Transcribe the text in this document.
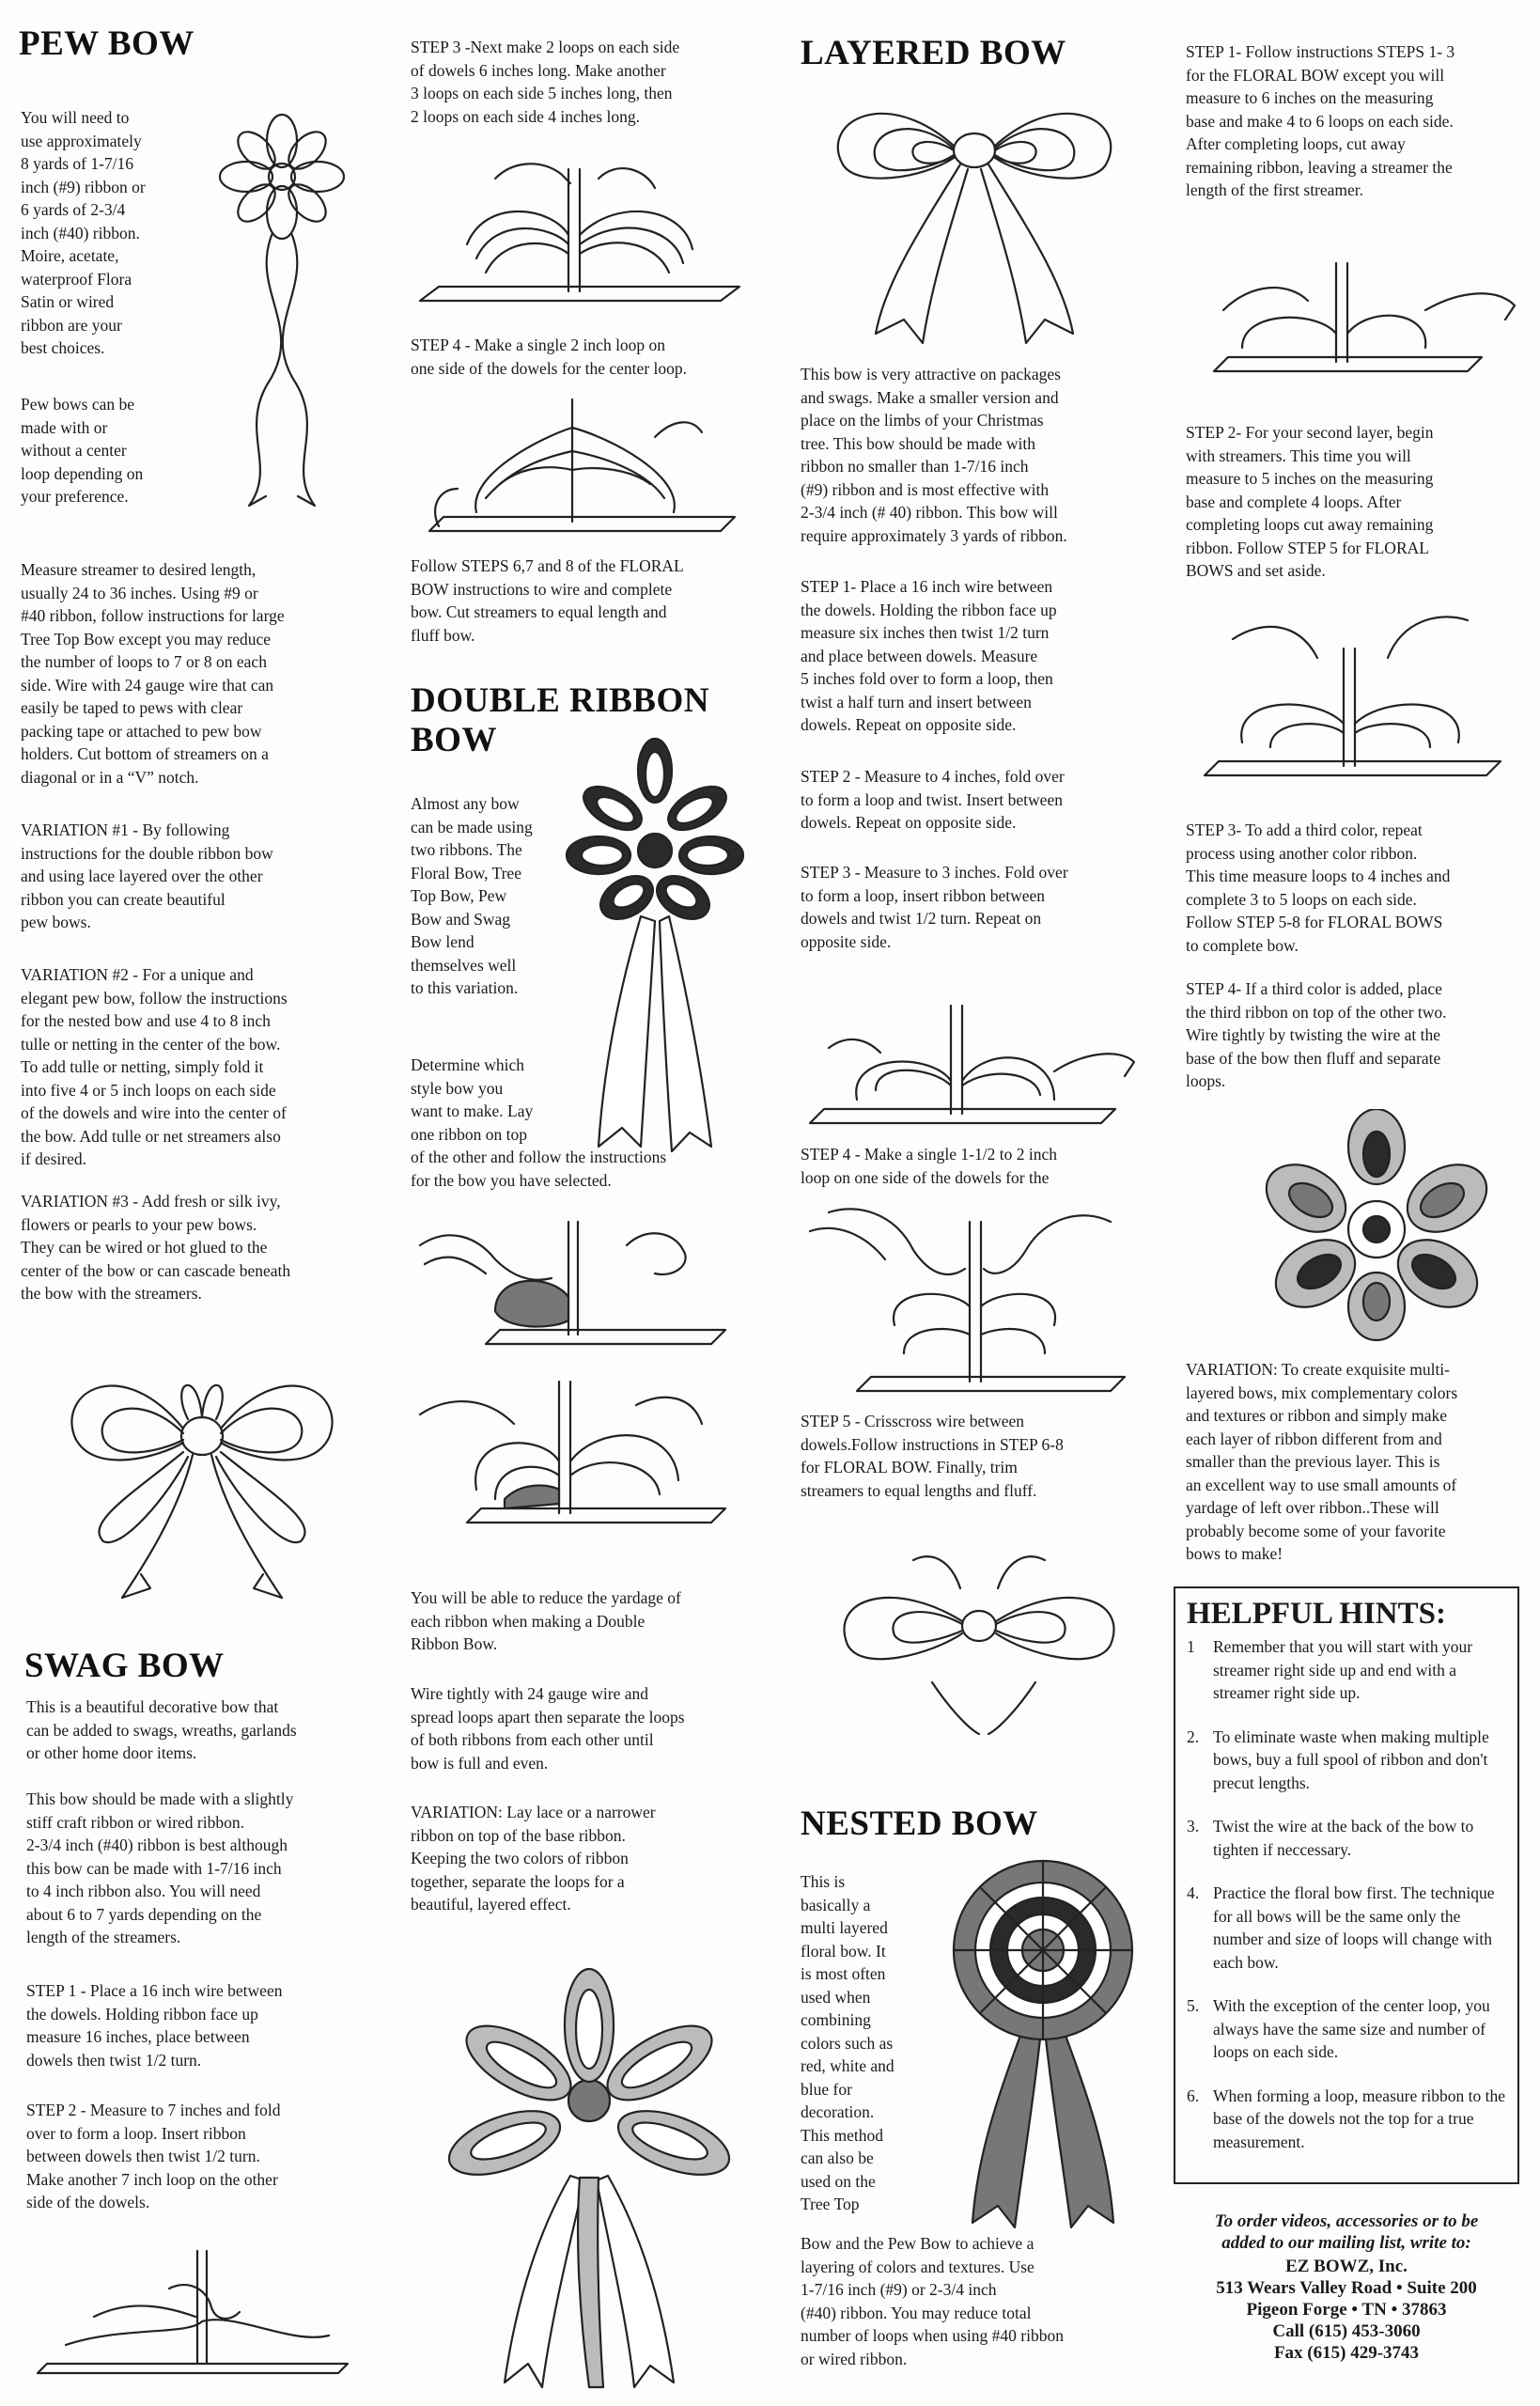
PEW BOW

You will need to
use approximately
8 yards of 1-7/16
inch (#9) ribbon or
6 yards of 2-3/4
inch (#40) ribbon.
Moire, acetate,
waterproof Flora
Satin or wired
ribbon are your
best choices.

Pew bows can be
made with or
without a center
loop depending on
your preference.

Measure streamer to desired length,
usually 24 to 36 inches. Using #9 or
#40 ribbon, follow instructions for large
Tree Top Bow except you may reduce
the number of loops to 7 or 8 on each
side. Wire with 24 gauge wire that can
easily be taped to pews with clear
packing tape or attached to pew bow
holders. Cut bottom of streamers on a
diagonal or in a “V” notch.

VARIATION #1 - By following
instructions for the double ribbon bow
and using lace layered over the other
ribbon you can create beautiful
pew bows.

VARIATION #2 - For a unique and
elegant pew bow, follow the instructions
for the nested bow and use 4 to 8 inch
tulle or netting in the center of the bow.
To add tulle or netting, simply fold it
into five 4 or 5 inch loops on each side
of the dowels and wire into the center of
the bow. Add tulle or net streamers also
if desired.

VARIATION #3 - Add fresh or silk ivy,
flowers or pearls to your pew bows.
They can be wired or hot glued to the
center of the bow or can cascade beneath
the bow with the streamers.

SWAG BOW

This is a beautiful decorative bow that
can be added to swags, wreaths, garlands
or other home door items.

This bow should be made with a slightly
stiff craft ribbon or wired ribbon.
2-3/4 inch (#40) ribbon is best although
this bow can be made with 1-7/16 inch
to 4 inch ribbon also. You will need
about 6 to 7 yards depending on the
length of the streamers.

STEP 1 - Place a 16 inch wire between
the dowels. Holding ribbon face up
measure 16 inches, place between
dowels then twist 1/2 turn.

STEP 2 - Measure to 7 inches and fold
over to form a loop. Insert ribbon
between dowels then twist 1/2 turn.
Make another 7 inch loop on the other
side of the dowels.

STEP 3 -Next make 2 loops on each side
of dowels 6 inches long. Make another
3 loops on each side 5 inches long, then
2 loops on each side 4 inches long.

STEP 4 - Make a single 2 inch loop on
one side of the dowels for the center loop.

Follow STEPS 6,7 and 8 of the FLORAL
BOW instructions to wire and complete
bow. Cut streamers to equal length and
fluff bow.

DOUBLE RIBBON
BOW

Almost any bow
can be made using
two ribbons. The
Floral Bow, Tree
Top Bow, Pew
Bow and Swag
Bow lend
themselves well
to this variation.

Determine which
style bow you
want to make. Lay
one ribbon on top
of the other and follow the instructions
for the bow you have selected.

You will be able to reduce the yardage of
each ribbon when making a Double
Ribbon Bow.

Wire tightly with 24 gauge wire and
spread loops apart then separate the loops
of both ribbons from each other until
bow is full and even.

VARIATION: Lay lace or a narrower
ribbon on top of the base ribbon.
Keeping the two colors of ribbon
together, separate the loops for a
beautiful, layered effect.

LAYERED BOW

This bow is very attractive on packages
and swags. Make a smaller version and
place on the limbs of your Christmas
tree. This bow should be made with
ribbon no smaller than 1-7/16 inch
(#9) ribbon and is most effective with
2-3/4 inch (# 40) ribbon. This bow will
require approximately 3 yards of ribbon.

STEP 1- Place a 16 inch wire between
the dowels. Holding the ribbon face up
measure six inches then twist 1/2 turn
and place between dowels. Measure
5 inches fold over to form a loop, then
twist a half turn and insert between
dowels. Repeat on opposite side.

STEP 2 - Measure to 4 inches, fold over
to form a loop and twist. Insert between
dowels. Repeat on opposite side.

STEP 3 - Measure to 3 inches. Fold over
to form a loop, insert ribbon between
dowels and twist 1/2 turn. Repeat on
opposite side.

STEP 4 - Make a single 1-1/2 to 2 inch
loop on one side of the dowels for the

STEP 5 - Crisscross wire between
dowels.Follow instructions in STEP 6-8
for FLORAL BOW. Finally, trim
streamers to equal lengths and fluff.

NESTED BOW

This is
basically a
multi layered
floral bow. It
is most often
used when
combining
colors such as
red, white and
blue for
decoration.
This method
can also be
used on the
Tree Top

Bow and the Pew Bow to achieve a
layering of colors and textures. Use
1-7/16 inch (#9) or 2-3/4 inch
(#40) ribbon. You may reduce total
number of loops when using #40 ribbon
or wired ribbon.

STEP 1- Follow instructions STEPS 1- 3
for the FLORAL BOW except you will
measure to 6 inches on the measuring
base and make 4 to 6 loops on each side.
After completing loops, cut away
remaining ribbon, leaving a streamer the
length of the first streamer.

STEP 2- For your second layer, begin
with streamers. This time you will
measure to 5 inches on the measuring
base and complete 4 loops. After
completing loops cut away remaining
ribbon. Follow STEP 5 for FLORAL
BOWS and set aside.

STEP 3- To add a third color, repeat
process using another color ribbon.
This time measure loops to 4 inches and
complete 3 to 5 loops on each side.
Follow STEP 5-8 for FLORAL BOWS
to complete bow.

STEP 4- If a third color is added, place
the third ribbon on top of the other two.
Wire tightly by twisting the wire at the
base of the bow then fluff and separate
loops.

VARIATION: To create exquisite multi-
layered bows, mix complementary colors
and textures or ribbon and simply make
each layer of ribbon different from and
smaller than the previous layer. This is
an excellent way to use small amounts of
yardage of left over ribbon..These will
probably become some of your favorite
bows to make!

HELPFUL HINTS:
1	Remember that you will start with your streamer right side up and end with a streamer right side up.
2. To eliminate waste when making multiple bows, buy a full spool of ribbon and don't precut lengths.
3. Twist the wire at the back of the bow to tighten if neccessary.
4. Practice the floral bow first. The technique for all bows will be the same only the number and size of loops will change with each bow.
5. With the exception of the center loop, you always have the same size and number of loops on each side.
6. When forming a loop, measure ribbon to the base of the dowels not the top for a true measurement.
To order videos, accessories or to be
added to our mailing list, write to:
EZ BOWZ, Inc.
513 Wears Valley Road • Suite 200
Pigeon Forge • TN • 37863
Call (615) 453-3060
Fax (615) 429-3743
